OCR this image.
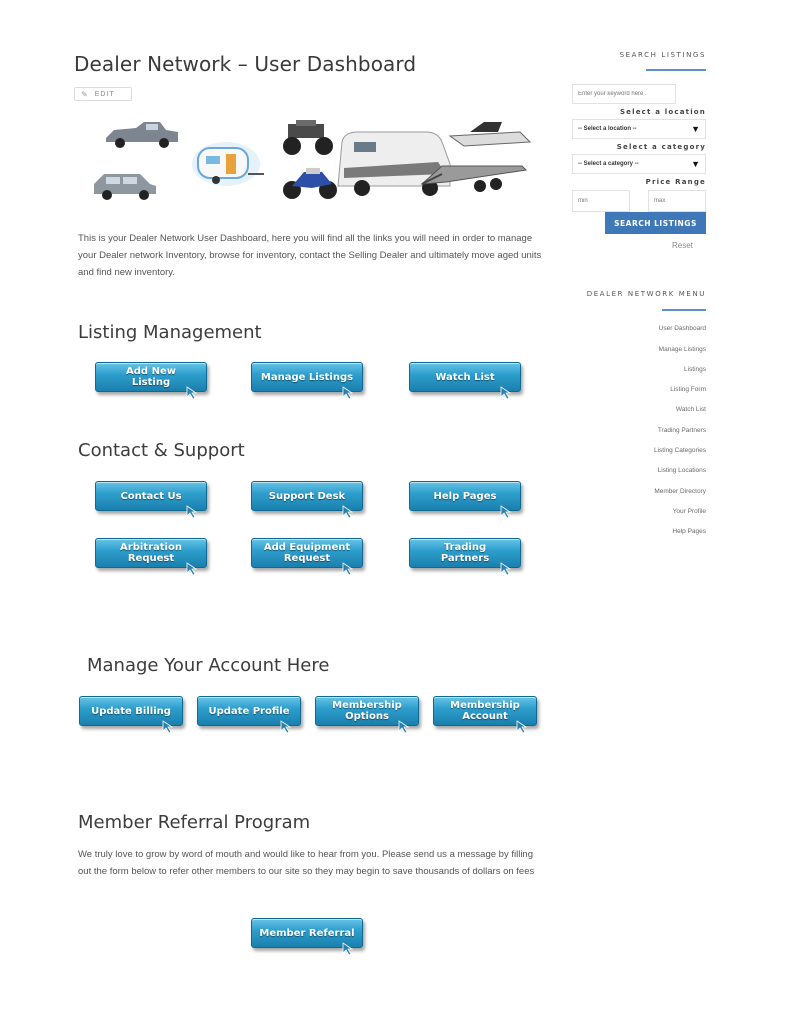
Dealer Network – User Dashboard
✎ EDIT
This is your Dealer Network User Dashboard, here you will find all the links you will need in order to manage your Dealer network Inventory, browse for inventory, contact the Selling Dealer and ultimately move aged units and find new inventory.
Listing Management
Add New Listing	Manage Listings	Watch List
Contact & Support
Contact Us	Support Desk	Help Pages
Arbitration Request
Add Equipment Request
Trading Partners
Manage Your Account Here
Update Billing	Update Profile	Membership Options
Membership Account
Member Referral Program
We truly love to grow by word of mouth and would like to hear from you. Please send us a message by filling out the form below to refer other members to our site so they may begin to save thousands of dollars on fees
Member Referral
SEARCH LISTINGS
Enter your keyword here .
Select a location
-- Select a location --	▼
Select a category
-- Select a category --	▼
Price Range
min
max
SEARCH LISTINGS
Reset
DEALER NETWORK MENU
User Dashboard
Manage Listings
Listings
Listing Form
Watch List
Trading Partners
Listing Categories
Listing Locations
Member Directory
Your Profile
Help Pages
